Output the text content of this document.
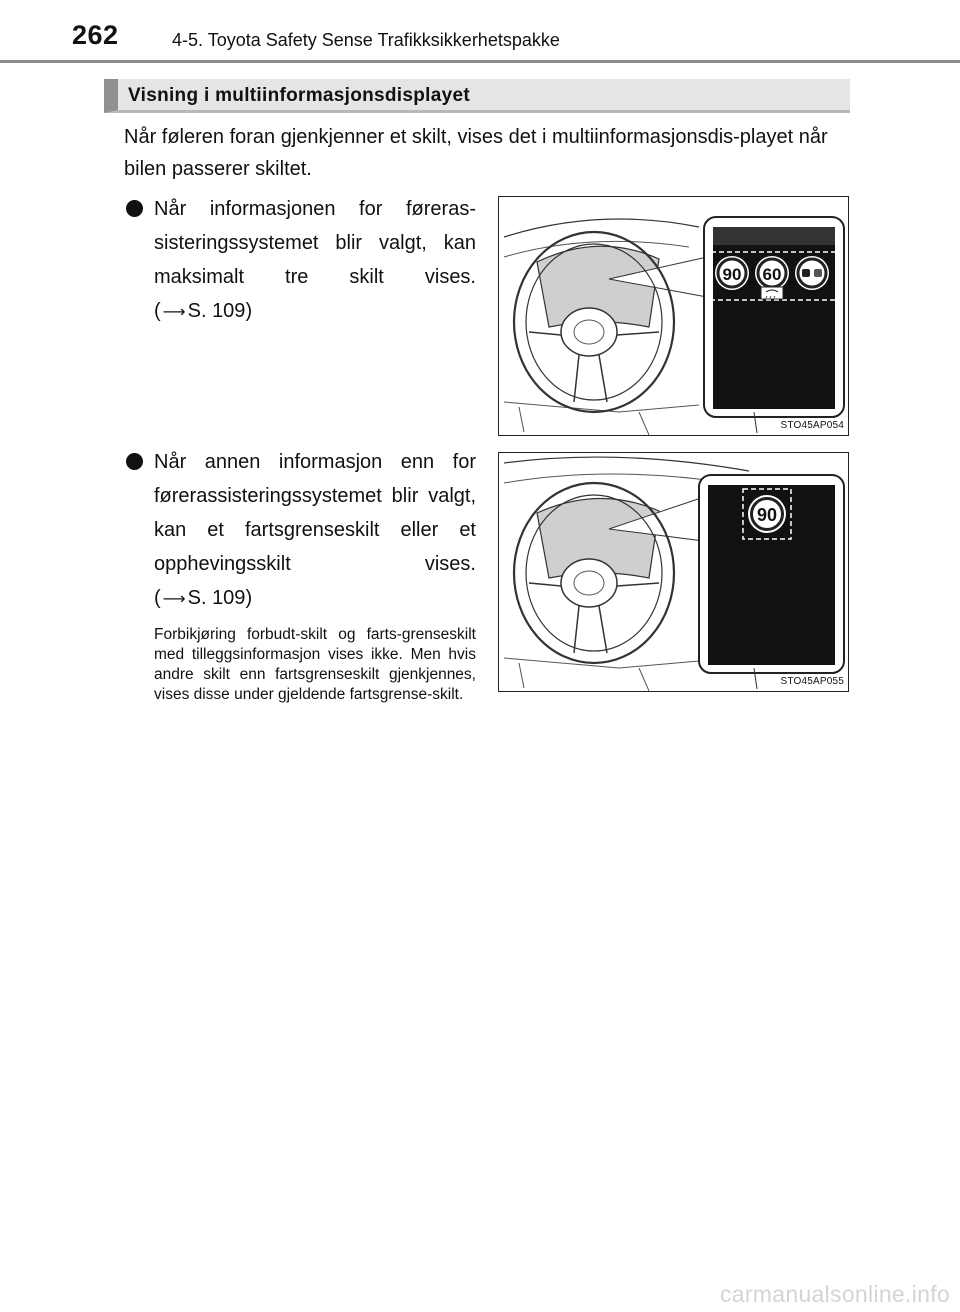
262	4-5. Toyota Safety Sense Trafikksikkerhetspakke
Visning i multiinformasjonsdisplayet
Når føleren foran gjenkjenner et skilt, vises det i multiinformasjonsdis-playet når bilen passerer skiltet.
Når informasjonen for føreras-sisteringssystemet blir valgt, kan maksimalt tre skilt vises.
( ⟶ S. 109)
Når annen informasjon enn for førerassisteringssystemet blir valgt, kan et fartsgrenseskilt eller et opphevingsskilt vises.
( ⟶ S. 109)
Forbikjøring forbudt-skilt og farts-grenseskilt med tilleggsinformasjon vises ikke. Men hvis andre skilt enn fartsgrenseskilt gjenkjennes, vises disse under gjeldende fartsgrense-skilt.
90 60
STO45AP054
90
STO45AP055
carmanualsonline.info
